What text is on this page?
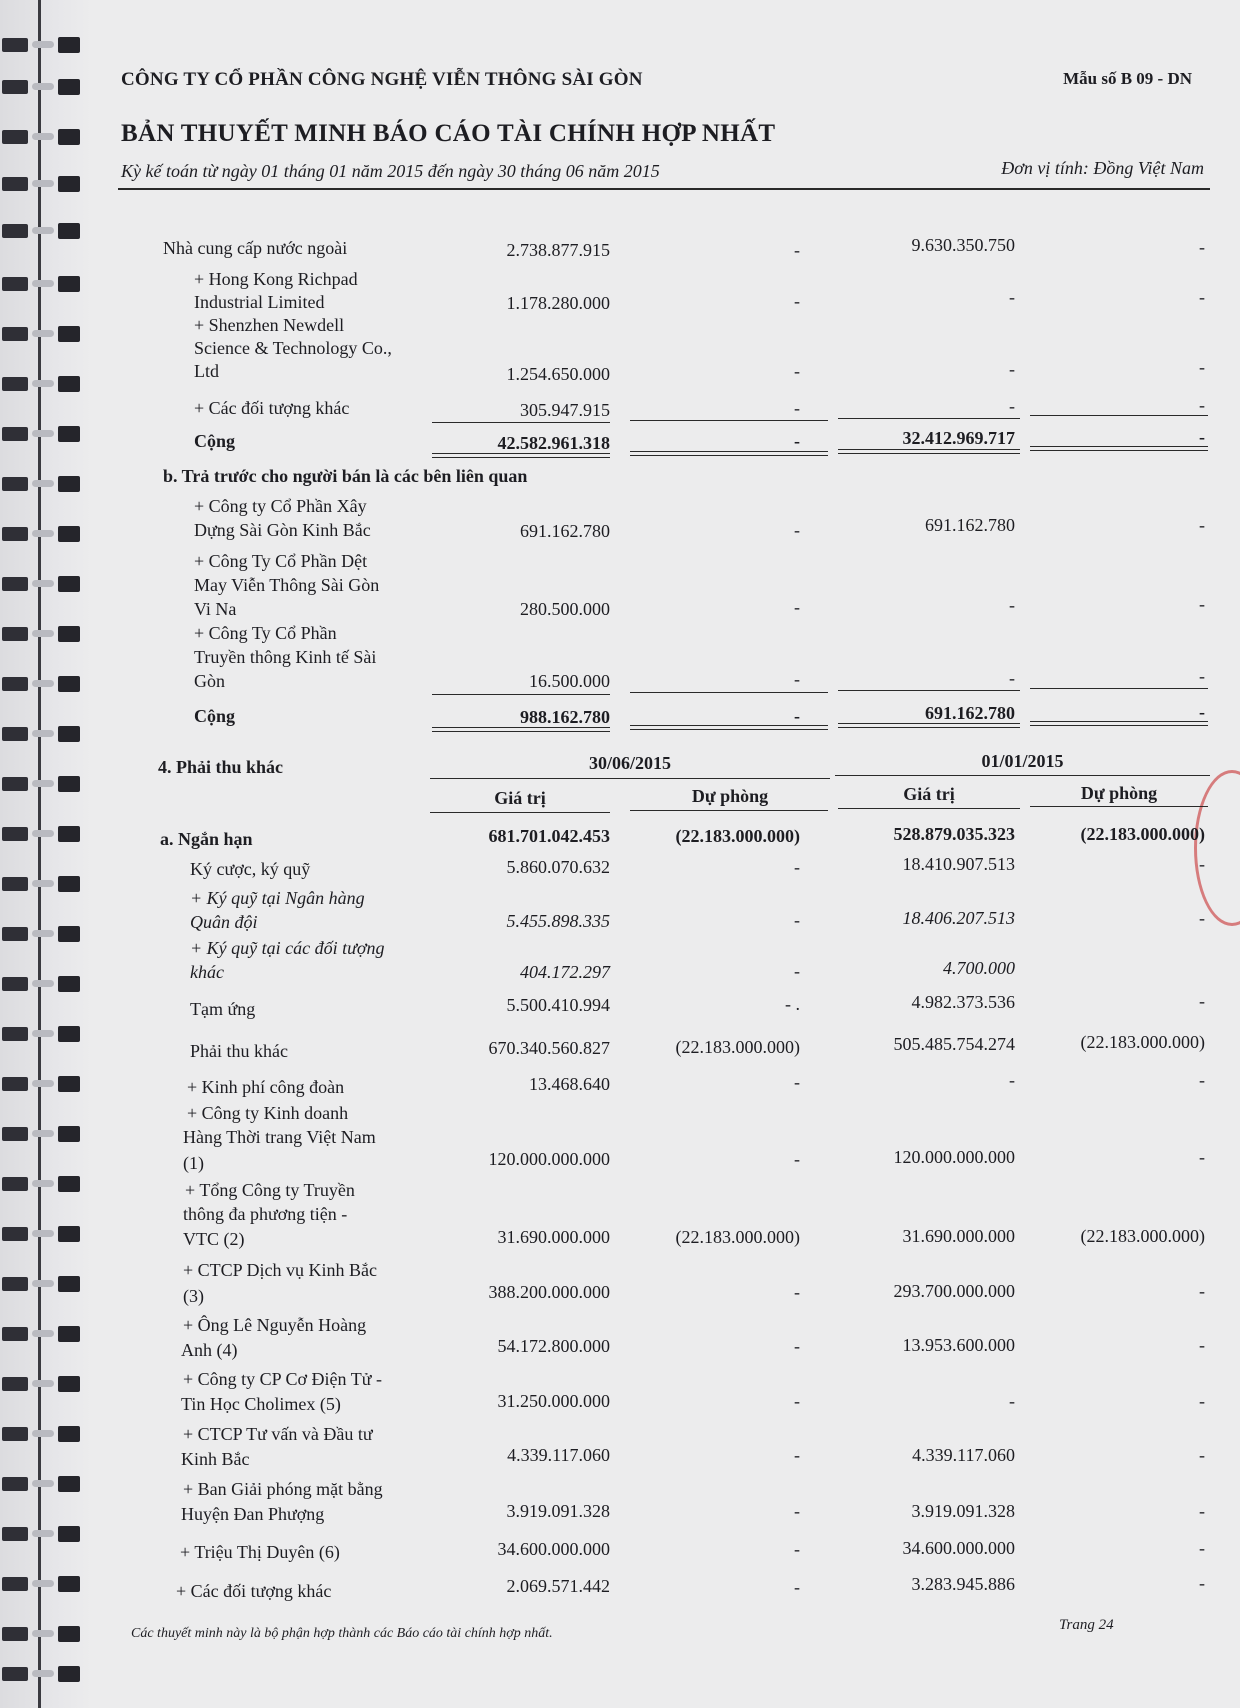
CÔNG TY CỔ PHẦN CÔNG NGHỆ VIỄN THÔNG SÀI GÒN	Mẫu số B 09 - DN
BẢN THUYẾT MINH BÁO CÁO TÀI CHÍNH HỢP NHẤT
Kỳ kế toán từ ngày 01 tháng 01 năm 2015 đến ngày 30 tháng 06 năm 2015	Đơn vị tính: Đồng Việt Nam
Nhà cung cấp nước ngoài	2.738.877.915	-	9.630.350.750	-
+ Hong Kong Richpad
Industrial Limited	1.178.280.000	-	-	-
+ Shenzhen Newdell
Science & Technology Co.,
Ltd	1.254.650.000	-	-	-
+ Các đối tượng khác	305.947.915	-	-	-
Cộng	42.582.961.318	-	32.412.969.717	-
b. Trả trước cho người bán là các bên liên quan
+ Công ty Cổ Phần Xây
Dựng Sài Gòn Kinh Bắc	691.162.780	-	691.162.780	-
+ Công Ty Cổ Phần Dệt
May Viễn Thông Sài Gòn
Vi Na	280.500.000	-	-	-
+ Công Ty Cổ Phần
Truyền thông Kinh tế Sài
Gòn	16.500.000	-	-	-
Cộng	988.162.780	-	691.162.780	-
4. Phải thu khác	30/06/2015	01/01/2015
Giá trị	Dự phòng	Giá trị	Dự phòng
a. Ngắn hạn	681.701.042.453	(22.183.000.000)	528.879.035.323	(22.183.000.000)
Ký cược, ký quỹ	5.860.070.632	-	18.410.907.513	-
+ Ký quỹ tại Ngân hàng
Quân đội	5.455.898.335	-	18.406.207.513	-
+ Ký quỹ tại các đối tượng
khác	404.172.297	-	4.700.000
Tạm ứng	5.500.410.994	- .	4.982.373.536	-
Phải thu khác	670.340.560.827	(22.183.000.000)	505.485.754.274	(22.183.000.000)
+ Kinh phí công đoàn	13.468.640	-	-	-
+ Công ty Kinh doanh
Hàng Thời trang Việt Nam
(1)	120.000.000.000	-	120.000.000.000	-
+ Tổng Công ty Truyền
thông đa phương tiện -
VTC (2)	31.690.000.000	(22.183.000.000)	31.690.000.000	(22.183.000.000)
+ CTCP Dịch vụ Kinh Bắc
(3)	388.200.000.000	-	293.700.000.000	-
+ Ông Lê Nguyễn Hoàng
Anh (4)	54.172.800.000	-	13.953.600.000	-
+ Công ty CP Cơ Điện Tử -
Tin Học Cholimex (5)	31.250.000.000	-	-	-
+ CTCP Tư vấn và Đầu tư
Kinh Bắc	4.339.117.060	-	4.339.117.060	-
+ Ban Giải phóng mặt bằng
Huyện Đan Phượng	3.919.091.328	-	3.919.091.328	-
+ Triệu Thị Duyên (6)	34.600.000.000	-	34.600.000.000	-
+ Các đối tượng khác	2.069.571.442	-	3.283.945.886	-
Các thuyết minh này là bộ phận hợp thành các Báo cáo tài chính hợp nhất.
Trang 24
